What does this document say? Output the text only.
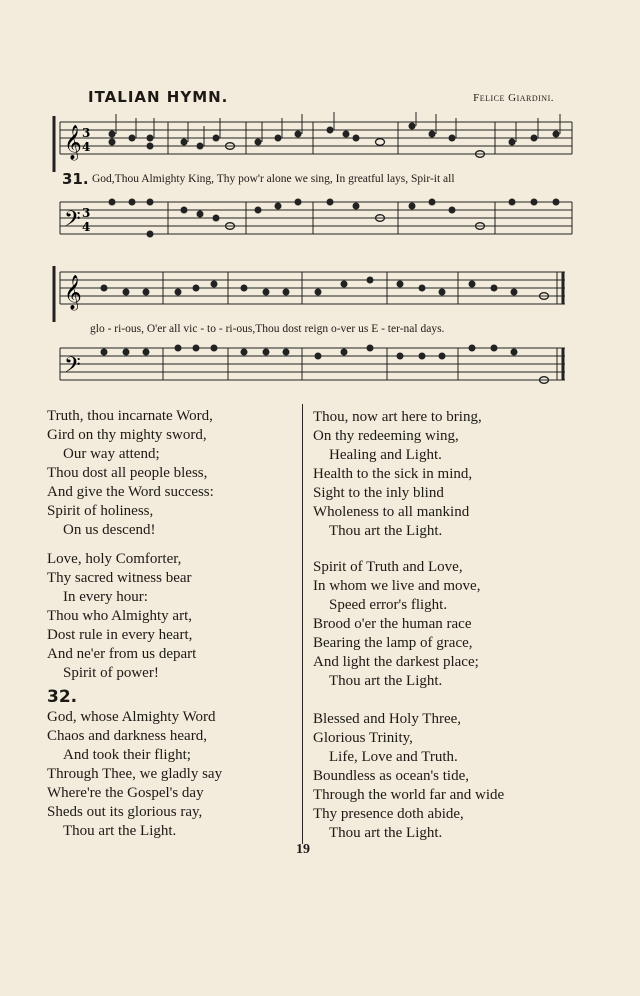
ITALIAN HYMN.	Felice Giardini.
𝄞 3
4
31. God,Thou Almighty King, Thy pow'r alone we sing, In greatful lays, Spir-it all
𝄢 3
4
𝄞
glo - ri-ous, O'er all vic - to - ri-ous,Thou dost reign o-ver us E - ter-nal days.
𝄢
Truth, thou incarnate Word,
Gird on thy mighty sword,
Our way attend;
Thou dost all people bless,
And give the Word success:
Spirit of holiness,
On us descend!
Love, holy Comforter,
Thy sacred witness bear
In every hour:
Thou who Almighty art,
Dost rule in every heart,
And ne'er from us depart
Spirit of power!
32.
God, whose Almighty Word
Chaos and darkness heard,
And took their flight;
Through Thee, we gladly say
Where're the Gospel's day
Sheds out its glorious ray,
Thou art the Light.
Thou, now art here to bring,
On thy redeeming wing,
Healing and Light.
Health to the sick in mind,
Sight to the inly blind
Wholeness to all mankind
Thou art the Light.
Spirit of Truth and Love,
In whom we live and move,
Speed error's flight.
Brood o'er the human race
Bearing the lamp of grace,
And light the darkest place;
Thou art the Light.
Blessed and Holy Three,
Glorious Trinity,
Life, Love and Truth.
Boundless as ocean's tide,
Through the world far and wide
Thy presence doth abide,
Thou art the Light.
19
